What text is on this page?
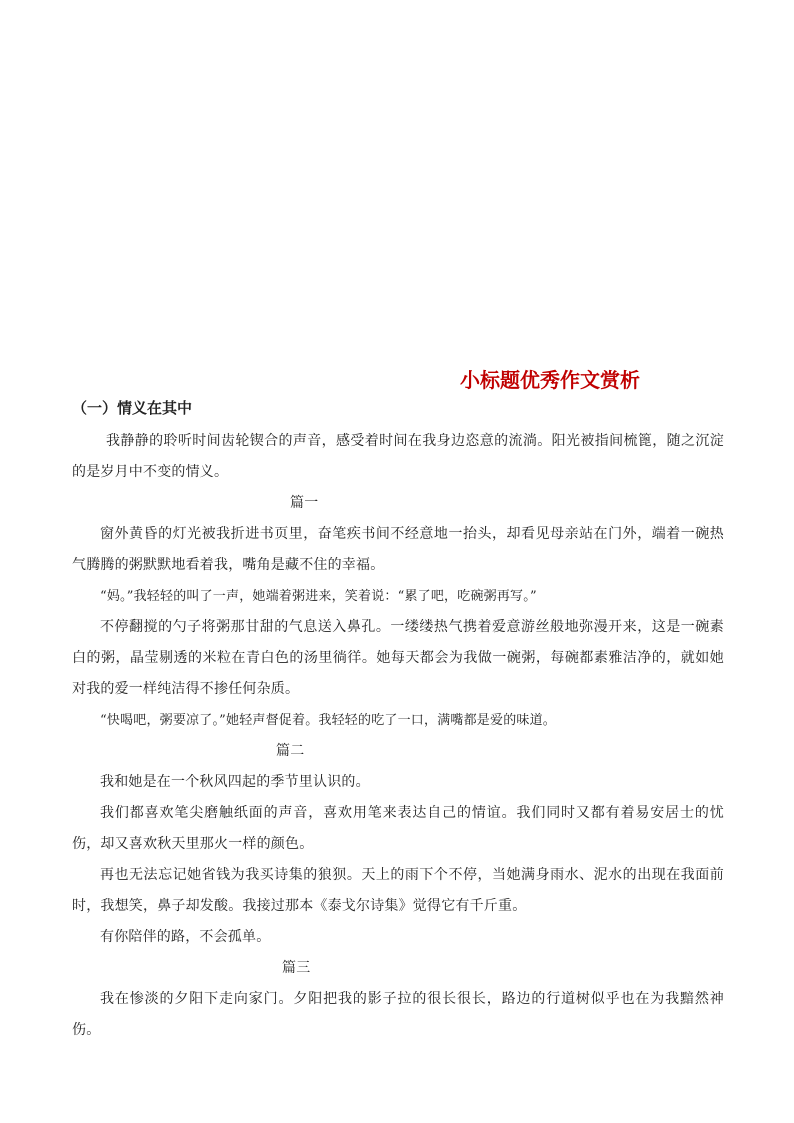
小标题优秀作文赏析
（一）情义在其中

我静静的聆听时间齿轮锲合的声音，感受着时间在我身边恣意的流淌。阳光被指间梳篦，随之沉淀的是岁月中不变的情义。

篇一

窗外黄昏的灯光被我折进书页里，奋笔疾书间不经意地一抬头，却看见母亲站在门外，端着一碗热气腾腾的粥默默地看着我，嘴角是藏不住的幸福。

“妈。”我轻轻的叫了一声，她端着粥进来，笑着说：“累了吧，吃碗粥再写。”

不停翻搅的勺子将粥那甘甜的气息送入鼻孔。一缕缕热气携着爱意游丝般地弥漫开来，这是一碗素白的粥，晶莹剔透的米粒在青白色的汤里徜徉。她每天都会为我做一碗粥，每碗都素雅洁净的，就如她对我的爱一样纯洁得不掺任何杂质。

“快喝吧，粥要凉了。”她轻声督促着。我轻轻的吃了一口，满嘴都是爱的味道。

篇二

我和她是在一个秋风四起的季节里认识的。

我们都喜欢笔尖磨触纸面的声音，喜欢用笔来表达自己的情谊。我们同时又都有着易安居士的忧伤，却又喜欢秋天里那火一样的颜色。

再也无法忘记她省钱为我买诗集的狼狈。天上的雨下个不停，当她满身雨水、泥水的出现在我面前时，我想笑，鼻子却发酸。我接过那本《泰戈尔诗集》觉得它有千斤重。

有你陪伴的路，不会孤单。

篇三

我在惨淡的夕阳下走向家门。夕阳把我的影子拉的很长很长，路边的行道树似乎也在为我黯然神伤。
